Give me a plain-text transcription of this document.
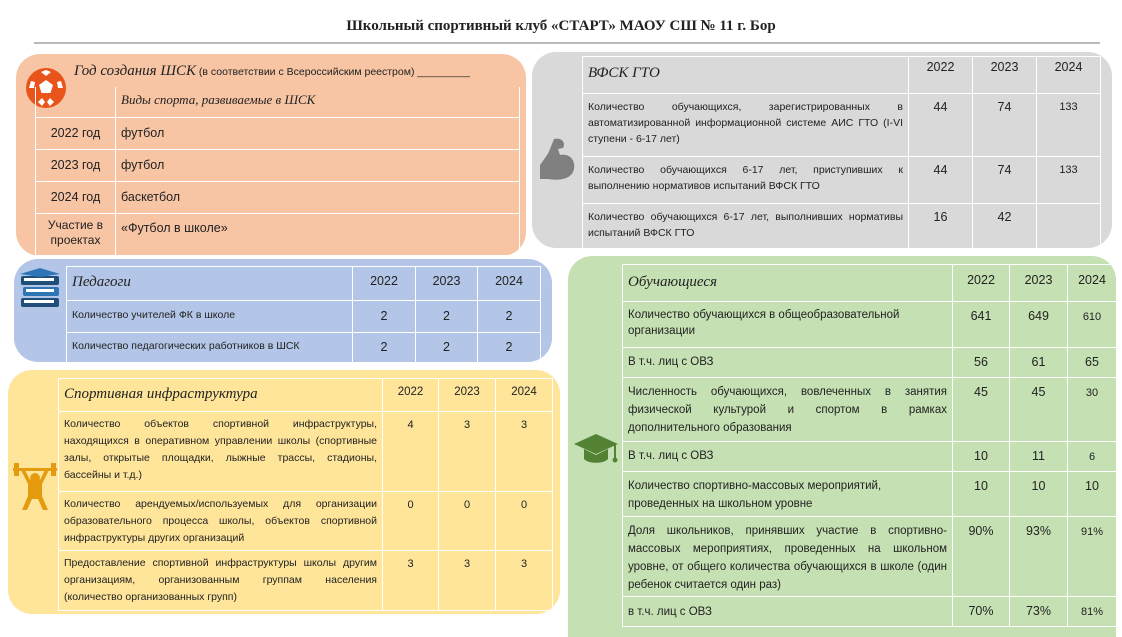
Школьный спортивный клуб «СТАРТ» МАОУ СШ № 11 г. Бор
Год создания ШСК (в соответствии с Всероссийским реестром) _________	
	Виды спорта, развиваемые в ШСК
2022 год	футбол
2023 год	футбол
2024 год	баскетбол
Участие в проектах	«Футбол в школе»
ВФСК ГТО	2022	2023	2024
Количество обучающихся, зарегистрированных в автоматизированной информационной системе АИС ГТО (I-VI ступени - 6-17 лет)	44	74	133
Количество обучающихся 6-17 лет, приступивших к выполнению нормативов испытаний ВФСК ГТО	44	74	133
Количество обучающихся 6-17 лет, выполнивших нормативы испытаний ВФСК ГТО	16	42	
Педагоги	2022	2023	2024
Количество учителей ФК в школе	2	2	2
Количество педагогических работников в ШСК	2	2	2
Спортивная инфраструктура	2022	2023	2024
Количество объектов спортивной инфраструктуры, находящихся в оперативном управлении школы (спортивные залы, открытые площадки, лыжные трассы, стадионы, бассейны и т.д.)	4	3	3
Количество арендуемых/используемых для организации образовательного процесса школы, объектов спортивной инфраструктуры других организаций	0	0	0
Предоставление спортивной инфраструктуры школы другим организациям, организованным группам населения (количество организованных групп)	3	3	3
Обучающиеся	2022	2023	2024
Количество обучающихся в общеобразовательной организации	641	649	610
В т.ч. лиц с ОВЗ	56	61	65
Численность обучающихся, вовлеченных в занятия физической культурой и спортом в рамках дополнительного образования	45	45	30
В т.ч. лиц с ОВЗ	10	11	6
Количество спортивно-массовых мероприятий, проведенных на школьном уровне	10	10	10
Доля школьников, принявших участие в спортивно-массовых мероприятиях, проведенных на школьном уровне, от общего количества обучающихся в школе (один ребенок считается один раз)	90%	93%	91%
в т.ч. лиц с ОВЗ	70%	73%	81%
